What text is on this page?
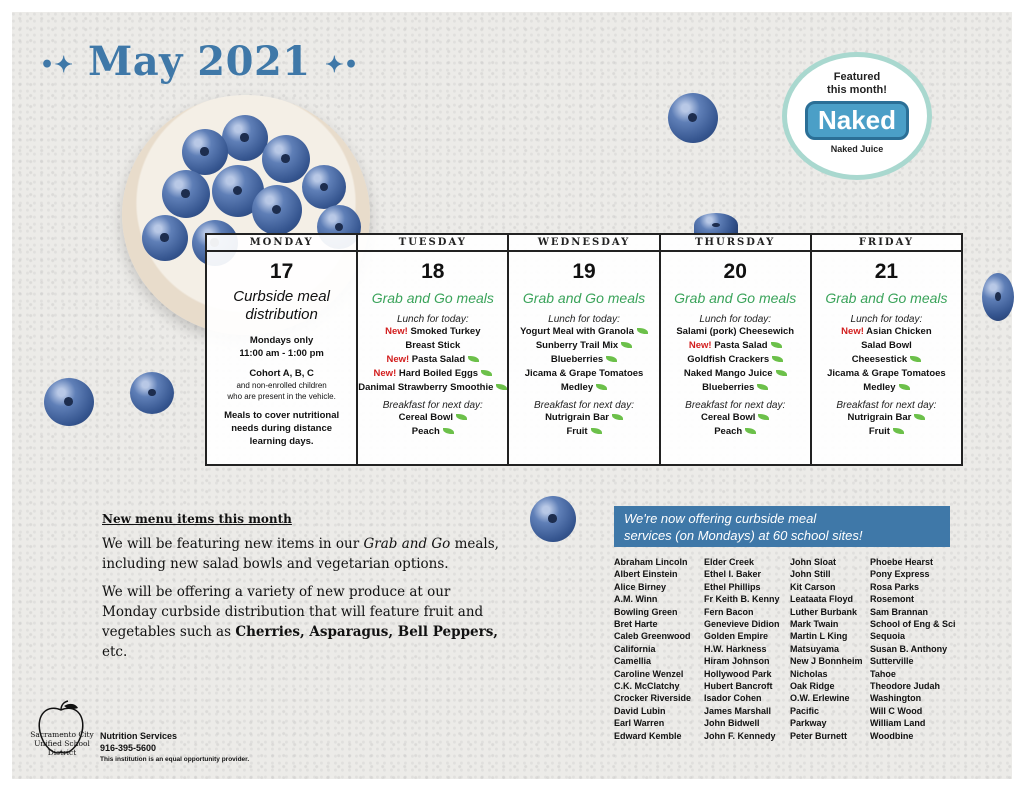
•✦ May 2021 ✦•	Featured
this month!
Naked
Naked Juice
MONDAY
17
Curbside meal
distribution
Mondays only
11:00 am - 1:00 pm
Cohort A, B, C
and non-enrolled children
who are present in the vehicle.
Meals to cover nutritional
needs during distance
learning days.
TUESDAY
18
Grab and Go meals
Lunch for today:
New! Smoked Turkey
Breast Stick
New! Pasta Salad
New! Hard Boiled Eggs
Danimal Strawberry Smoothie
Breakfast for next day:
Cereal Bowl
Peach
WEDNESDAY
19
Grab and Go meals
Lunch for today:
Yogurt Meal with Granola
Sunberry Trail Mix
Blueberries
Jicama & Grape Tomatoes
Medley
Breakfast for next day:
Nutrigrain Bar
Fruit
THURSDAY
20
Grab and Go meals
Lunch for today:
Salami (pork) Cheesewich
New! Pasta Salad
Goldfish Crackers
Naked Mango Juice
Blueberries
Breakfast for next day:
Cereal Bowl
Peach
FRIDAY
21
Grab and Go meals
Lunch for today:
New! Asian Chicken
Salad Bowl
Cheesestick
Jicama & Grape Tomatoes
Medley
Breakfast for next day:
Nutrigrain Bar
Fruit
New menu items this month

We will be featuring new items in our Grab and Go meals, including new salad bowls and vegetarian options.

We will be offering a variety of new produce at our Monday curbside distribution that will feature fruit and vegetables such as Cherries, Asparagus, Bell Peppers, etc.

We're now offering curbside meal
services (on Mondays) at 60 school sites!
Abraham Lincoln
Albert Einstein
Alice Birney
A.M. Winn
Bowling Green
Bret Harte
Caleb Greenwood
California
Camellia
Caroline Wenzel
C.K. McClatchy
Crocker Riverside
David Lubin
Earl Warren
Edward Kemble
Elder Creek
Ethel I. Baker
Ethel Phillips
Fr Keith B. Kenny
Fern Bacon
Genevieve Didion
Golden Empire
H.W. Harkness
Hiram Johnson
Hollywood Park
Hubert Bancroft
Isador Cohen
James Marshall
John Bidwell
John F. Kennedy
John Sloat
John Still
Kit Carson
Leataata Floyd
Luther Burbank
Mark Twain
Martin L King
Matsuyama
New J Bonnheim
Nicholas
Oak Ridge
O.W. Erlewine
Pacific
Parkway
Peter Burnett
Phoebe Hearst
Pony Express
Rosa Parks
Rosemont
Sam Brannan
School of Eng & Sci
Sequoia
Susan B. Anthony
Sutterville
Tahoe
Theodore Judah
Washington
Will C Wood
William Land
Woodbine
Sacramento City Unified School District
Nutrition Services
916-395-5600
This institution is an equal opportunity provider.
